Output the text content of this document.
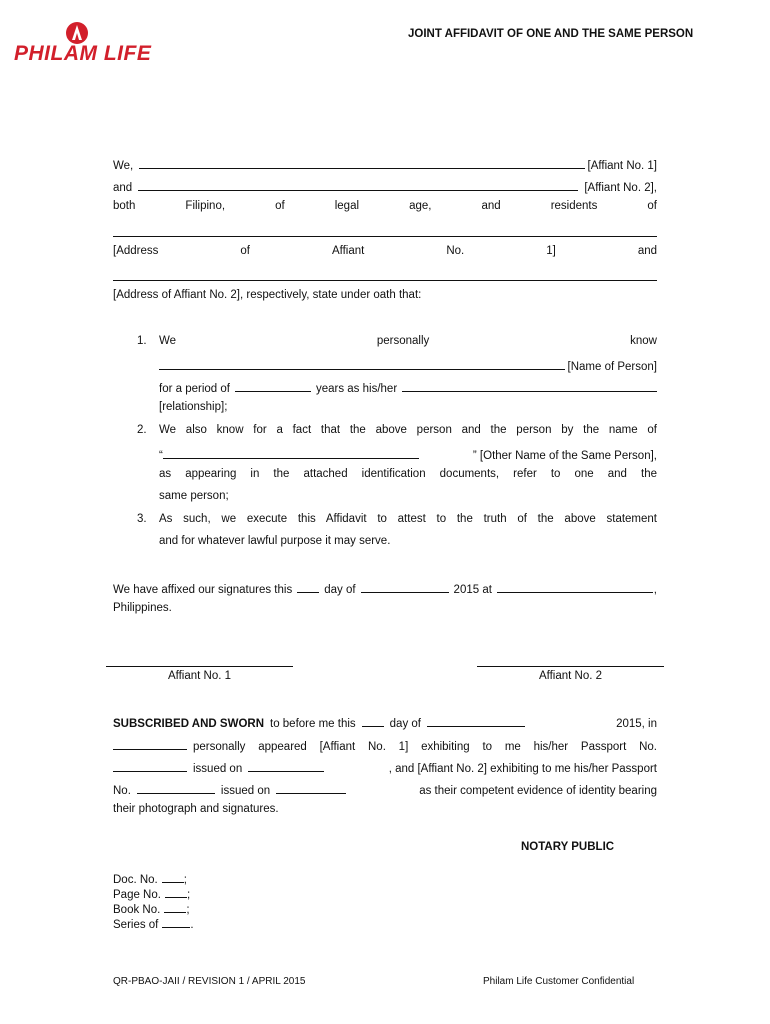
PHILAM LIFE
JOINT AFFIDAVIT OF ONE AND THE SAME PERSON
We,	[Affiant No. 1]
and	[Affiant No. 2],
both	Filipino,	of	legal	age,	and	residents	of
[Address	of	Affiant	No.	1]	and
[Address of Affiant No. 2], respectively, state under oath that:
1. We	personally	know
[Name of Person]
for a period of	years as his/her
[relationship];
2.	We also know for a fact that the above person and the person by the name of
“	” [Other Name of the Same Person],
as appearing in the attached identification documents, refer to one and the
same person;
3.	As such, we execute this Affidavit to attest to the truth of the above statement
and for whatever lawful purpose it may serve.
We have affixed our signatures this	day of	2015 at	,
Philippines.
Affiant No. 1	Affiant No. 2
SUBSCRIBED AND SWORN to before me this	day of	2015, in
personally appeared [Affiant No. 1] exhibiting to me his/her Passport No.
issued on	, and [Affiant No. 2] exhibiting to me his/her Passport
No.	issued on	as their competent evidence of identity bearing
their photograph and signatures.
NOTARY PUBLIC
Doc. No. ;
Page No. ;
Book No. ;
Series of	.
QR-PBAO-JAII / REVISION 1 / APRIL 2015	Philam Life Customer Confidential
